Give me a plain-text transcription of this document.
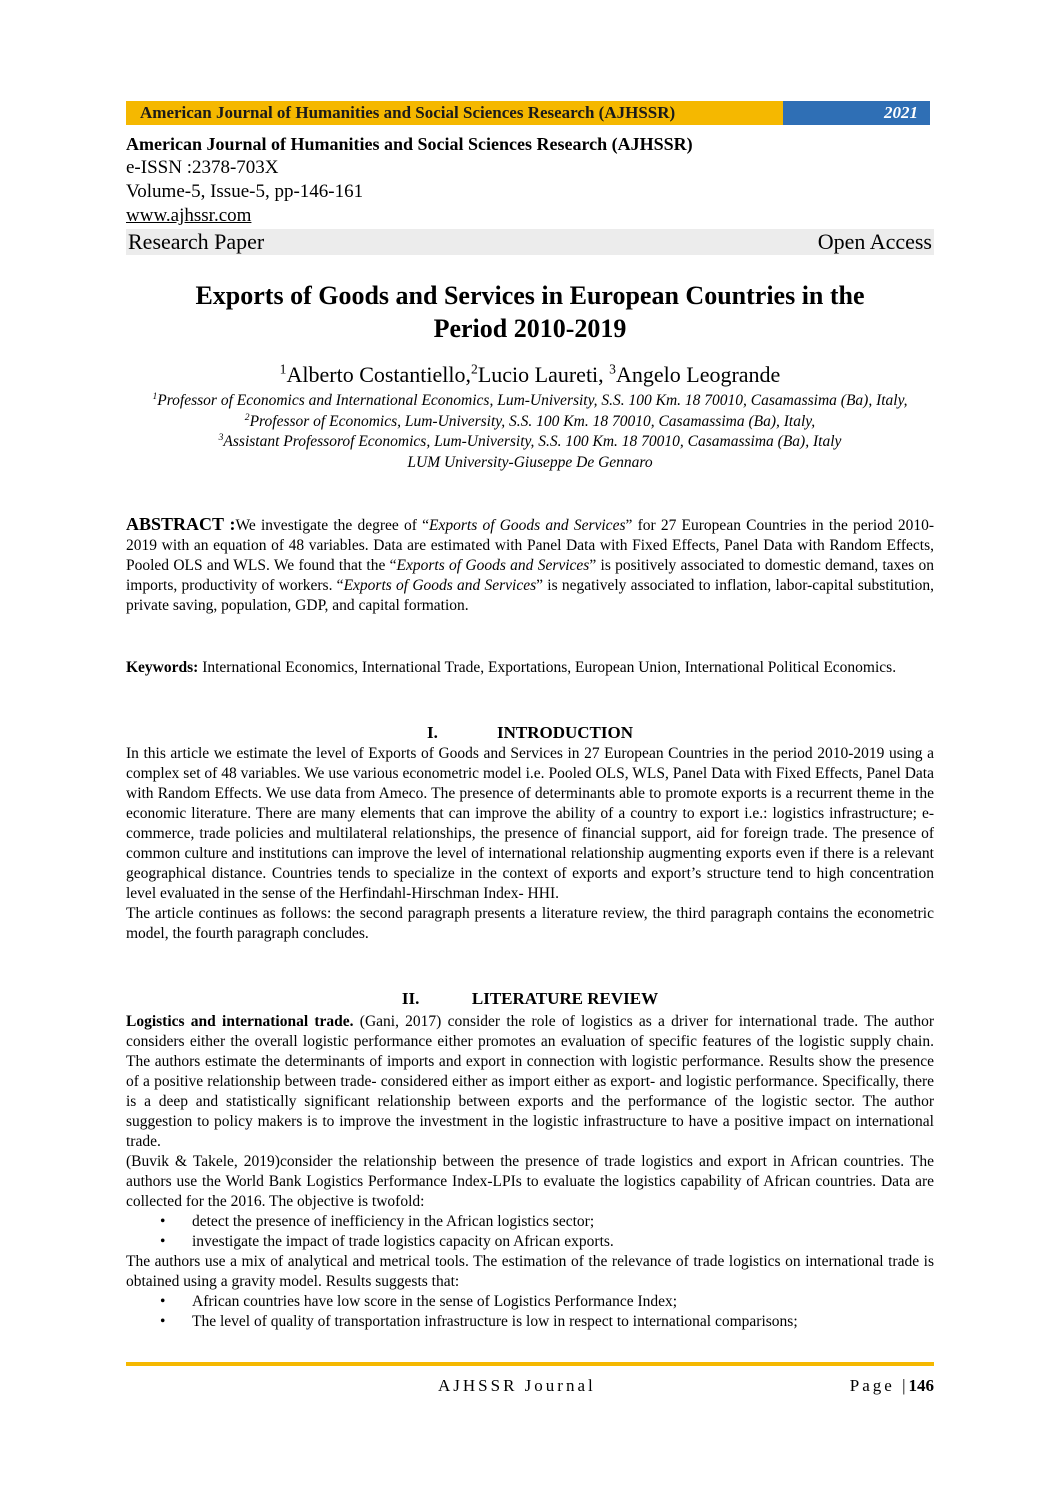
American Journal of Humanities and Social Sciences Research (AJHSSR)	2021
American Journal of Humanities and Social Sciences Research (AJHSSR)
e-ISSN :2378-703X
Volume-5, Issue-5, pp-146-161
www.ajhssr.com
Research Paper	Open Access
Exports of Goods and Services in European Countries in the
Period 2010-2019
$^1$Alberto Costantiello,$^2$Lucio Laureti, $^3$Angelo Leogrande
$^1$Professor of Economics and International Economics, Lum-University, S.S. 100 Km. 18 70010, Casamassima (Ba), Italy,
$^2$Professor of Economics, Lum-University, S.S. 100 Km. 18 70010, Casamassima (Ba), Italy,
$^3$Assistant Professorof Economics, Lum-University, S.S. 100 Km. 18 70010, Casamassima (Ba), Italy
LUM University-Giuseppe De Gennaro
ABSTRACT :We investigate the degree of “Exports of Goods and Services” for 27 European Countries in the period 2010-2019 with an equation of 48 variables. Data are estimated with Panel Data with Fixed Effects, Panel Data with Random Effects, Pooled OLS and WLS. We found that the “Exports of Goods and Services” is positively associated to domestic demand, taxes on imports, productivity of workers. “Exports of Goods and Services” is negatively associated to inflation, labor-capital substitution, private saving, population, GDP, and capital formation.
Keywords: International Economics, International Trade, Exportations, European Union, International Political Economics.
I.	INTRODUCTION
In this article we estimate the level of Exports of Goods and Services in 27 European Countries in the period 2010-2019 using a complex set of 48 variables. We use various econometric model i.e. Pooled OLS, WLS, Panel Data with Fixed Effects, Panel Data with Random Effects. We use data from Ameco. The presence of determinants able to promote exports is a recurrent theme in the economic literature. There are many elements that can improve the ability of a country to export i.e.: logistics infrastructure; e-commerce, trade policies and multilateral relationships, the presence of financial support, aid for foreign trade. The presence of common culture and institutions can improve the level of international relationship augmenting exports even if there is a relevant geographical distance. Countries tends to specialize in the context of exports and export’s structure tend to high concentration level evaluated in the sense of the Herfindahl-Hirschman Index- HHI.
The article continues as follows: the second paragraph presents a literature review, the third paragraph contains the econometric model, the fourth paragraph concludes.
II.	LITERATURE REVIEW
Logistics and international trade. (Gani, 2017) consider the role of logistics as a driver for international trade. The author considers either the overall logistic performance either promotes an evaluation of specific features of the logistic supply chain. The authors estimate the determinants of imports and export in connection with logistic performance. Results show the presence of a positive relationship between trade- considered either as import either as export- and logistic performance. Specifically, there is a deep and statistically significant relationship between exports and the performance of the logistic sector. The author suggestion to policy makers is to improve the investment in the logistic infrastructure to have a positive impact on international trade.
(Buvik & Takele, 2019)consider the relationship between the presence of trade logistics and export in African countries. The authors use the World Bank Logistics Performance Index-LPIs to evaluate the logistics capability of African countries. Data are collected for the 2016. The objective is twofold:
• detect the presence of inefficiency in the African logistics sector;
• investigate the impact of trade logistics capacity on African exports.
The authors use a mix of analytical and metrical tools. The estimation of the relevance of trade logistics on international trade is obtained using a gravity model. Results suggests that:
• African countries have low score in the sense of Logistics Performance Index;
• The level of quality of transportation infrastructure is low in respect to international comparisons;
AJHSSR Journal	Page |146
